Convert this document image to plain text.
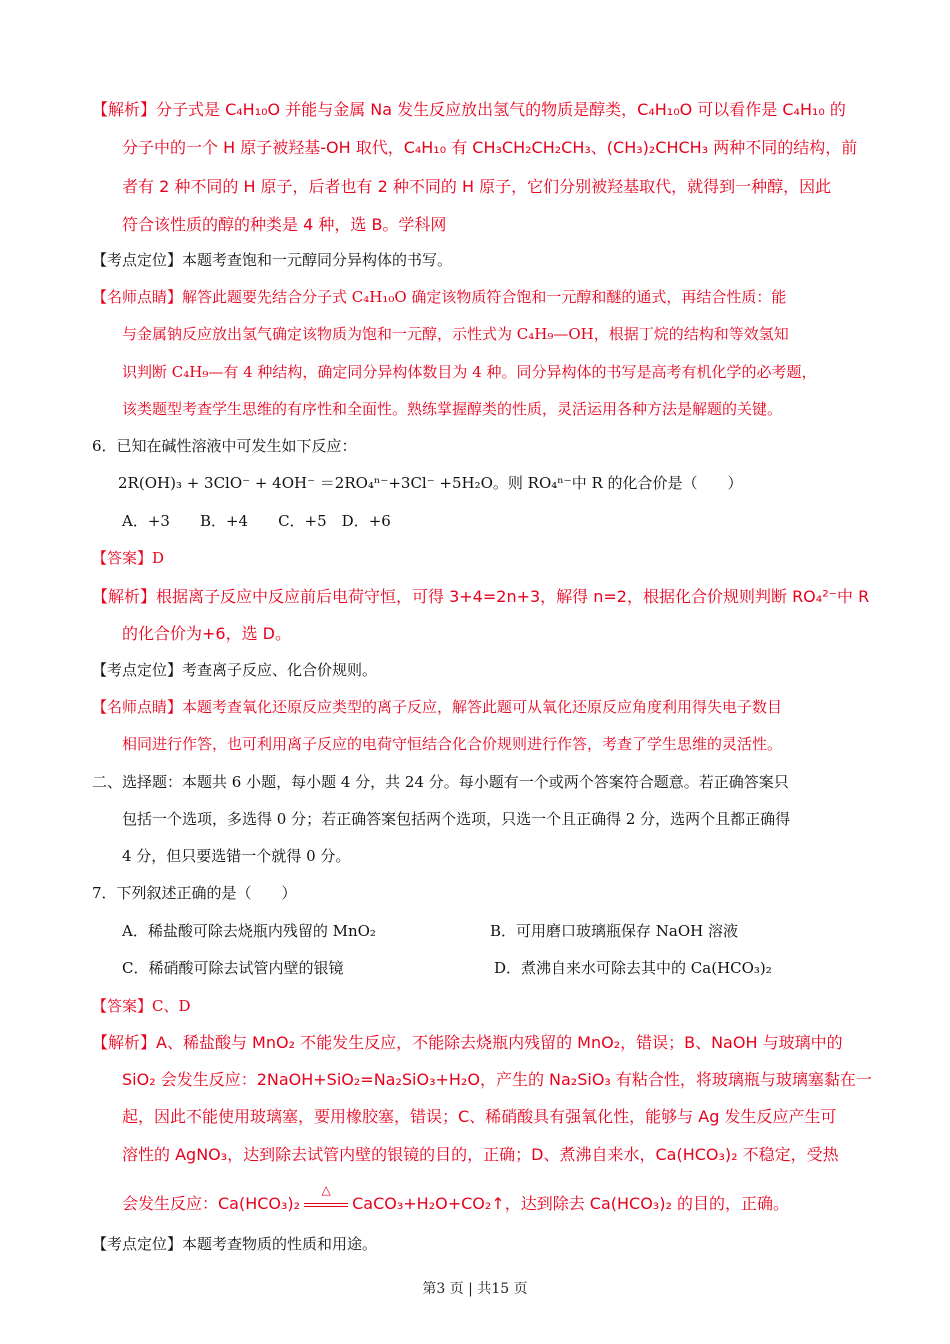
【解析】分子式是 C₄H₁₀O 并能与金属 Na 发生反应放出氢气的物质是醇类，C₄H₁₀O 可以看作是 C₄H₁₀ 的
分子中的一个 H 原子被羟基-OH 取代，C₄H₁₀ 有 CH₃CH₂CH₂CH₃、(CH₃)₂CHCH₃ 两种不同的结构，前
者有 2 种不同的 H 原子，后者也有 2 种不同的 H 原子，它们分别被羟基取代，就得到一种醇，因此
符合该性质的醇的种类是 4 种，选 B。学科网
【考点定位】本题考查饱和一元醇同分异构体的书写。
【名师点睛】解答此题要先结合分子式 C₄H₁₀O 确定该物质符合饱和一元醇和醚的通式，再结合性质：能
与金属钠反应放出氢气确定该物质为饱和一元醇，示性式为 C₄H₉—OH，根据丁烷的结构和等效氢知
识判断 C₄H₉—有 4 种结构，确定同分异构体数目为 4 种。同分异构体的书写是高考有机化学的必考题，
该类题型考查学生思维的有序性和全面性。熟练掌握醇类的性质，灵活运用各种方法是解题的关键。
6．已知在碱性溶液中可发生如下反应：
2R(OH)₃ + 3ClO⁻ + 4OH⁻ ＝2RO₄ⁿ⁻+3Cl⁻ +5H₂O。则 RO₄ⁿ⁻中 R 的化合价是（　　）
A．+3　　B．+4　　C．+5　D．+6
【答案】D
【解析】根据离子反应中反应前后电荷守恒，可得 3+4=2n+3，解得 n=2，根据化合价规则判断 RO₄²⁻中 R
的化合价为+6，选 D。
【考点定位】考查离子反应、化合价规则。
【名师点睛】本题考查氧化还原反应类型的离子反应，解答此题可从氧化还原反应角度利用得失电子数目
相同进行作答，也可利用离子反应的电荷守恒结合化合价规则进行作答，考查了学生思维的灵活性。
二、选择题：本题共 6 小题，每小题 4 分，共 24 分。每小题有一个或两个答案符合题意。若正确答案只
包括一个选项，多选得 0 分；若正确答案包括两个选项，只选一个且正确得 2 分，选两个且都正确得
4 分，但只要选错一个就得 0 分。
7．下列叙述正确的是（　　）
A．稀盐酸可除去烧瓶内残留的 MnO₂	B．可用磨口玻璃瓶保存 NaOH 溶液
C．稀硝酸可除去试管内壁的银镜	D．煮沸自来水可除去其中的 Ca(HCO₃)₂
【答案】C、D
【解析】A、稀盐酸与 MnO₂ 不能发生反应，不能除去烧瓶内残留的 MnO₂，错误；B、NaOH 与玻璃中的
SiO₂ 会发生反应：2NaOH+SiO₂=Na₂SiO₃+H₂O，产生的 Na₂SiO₃ 有粘合性，将玻璃瓶与玻璃塞黏在一
起，因此不能使用玻璃塞，要用橡胶塞，错误；C、稀硝酸具有强氧化性，能够与 Ag 发生反应产生可
溶性的 AgNO₃，达到除去试管内壁的银镜的目的，正确；D、煮沸自来水，Ca(HCO₃)₂ 不稳定，受热
会发生反应：Ca(HCO₃)₂
△
CaCO₃+H₂O+CO₂↑，达到除去 Ca(HCO₃)₂ 的目的，正确。
【考点定位】本题考查物质的性质和用途。
第3 页 | 共15 页
